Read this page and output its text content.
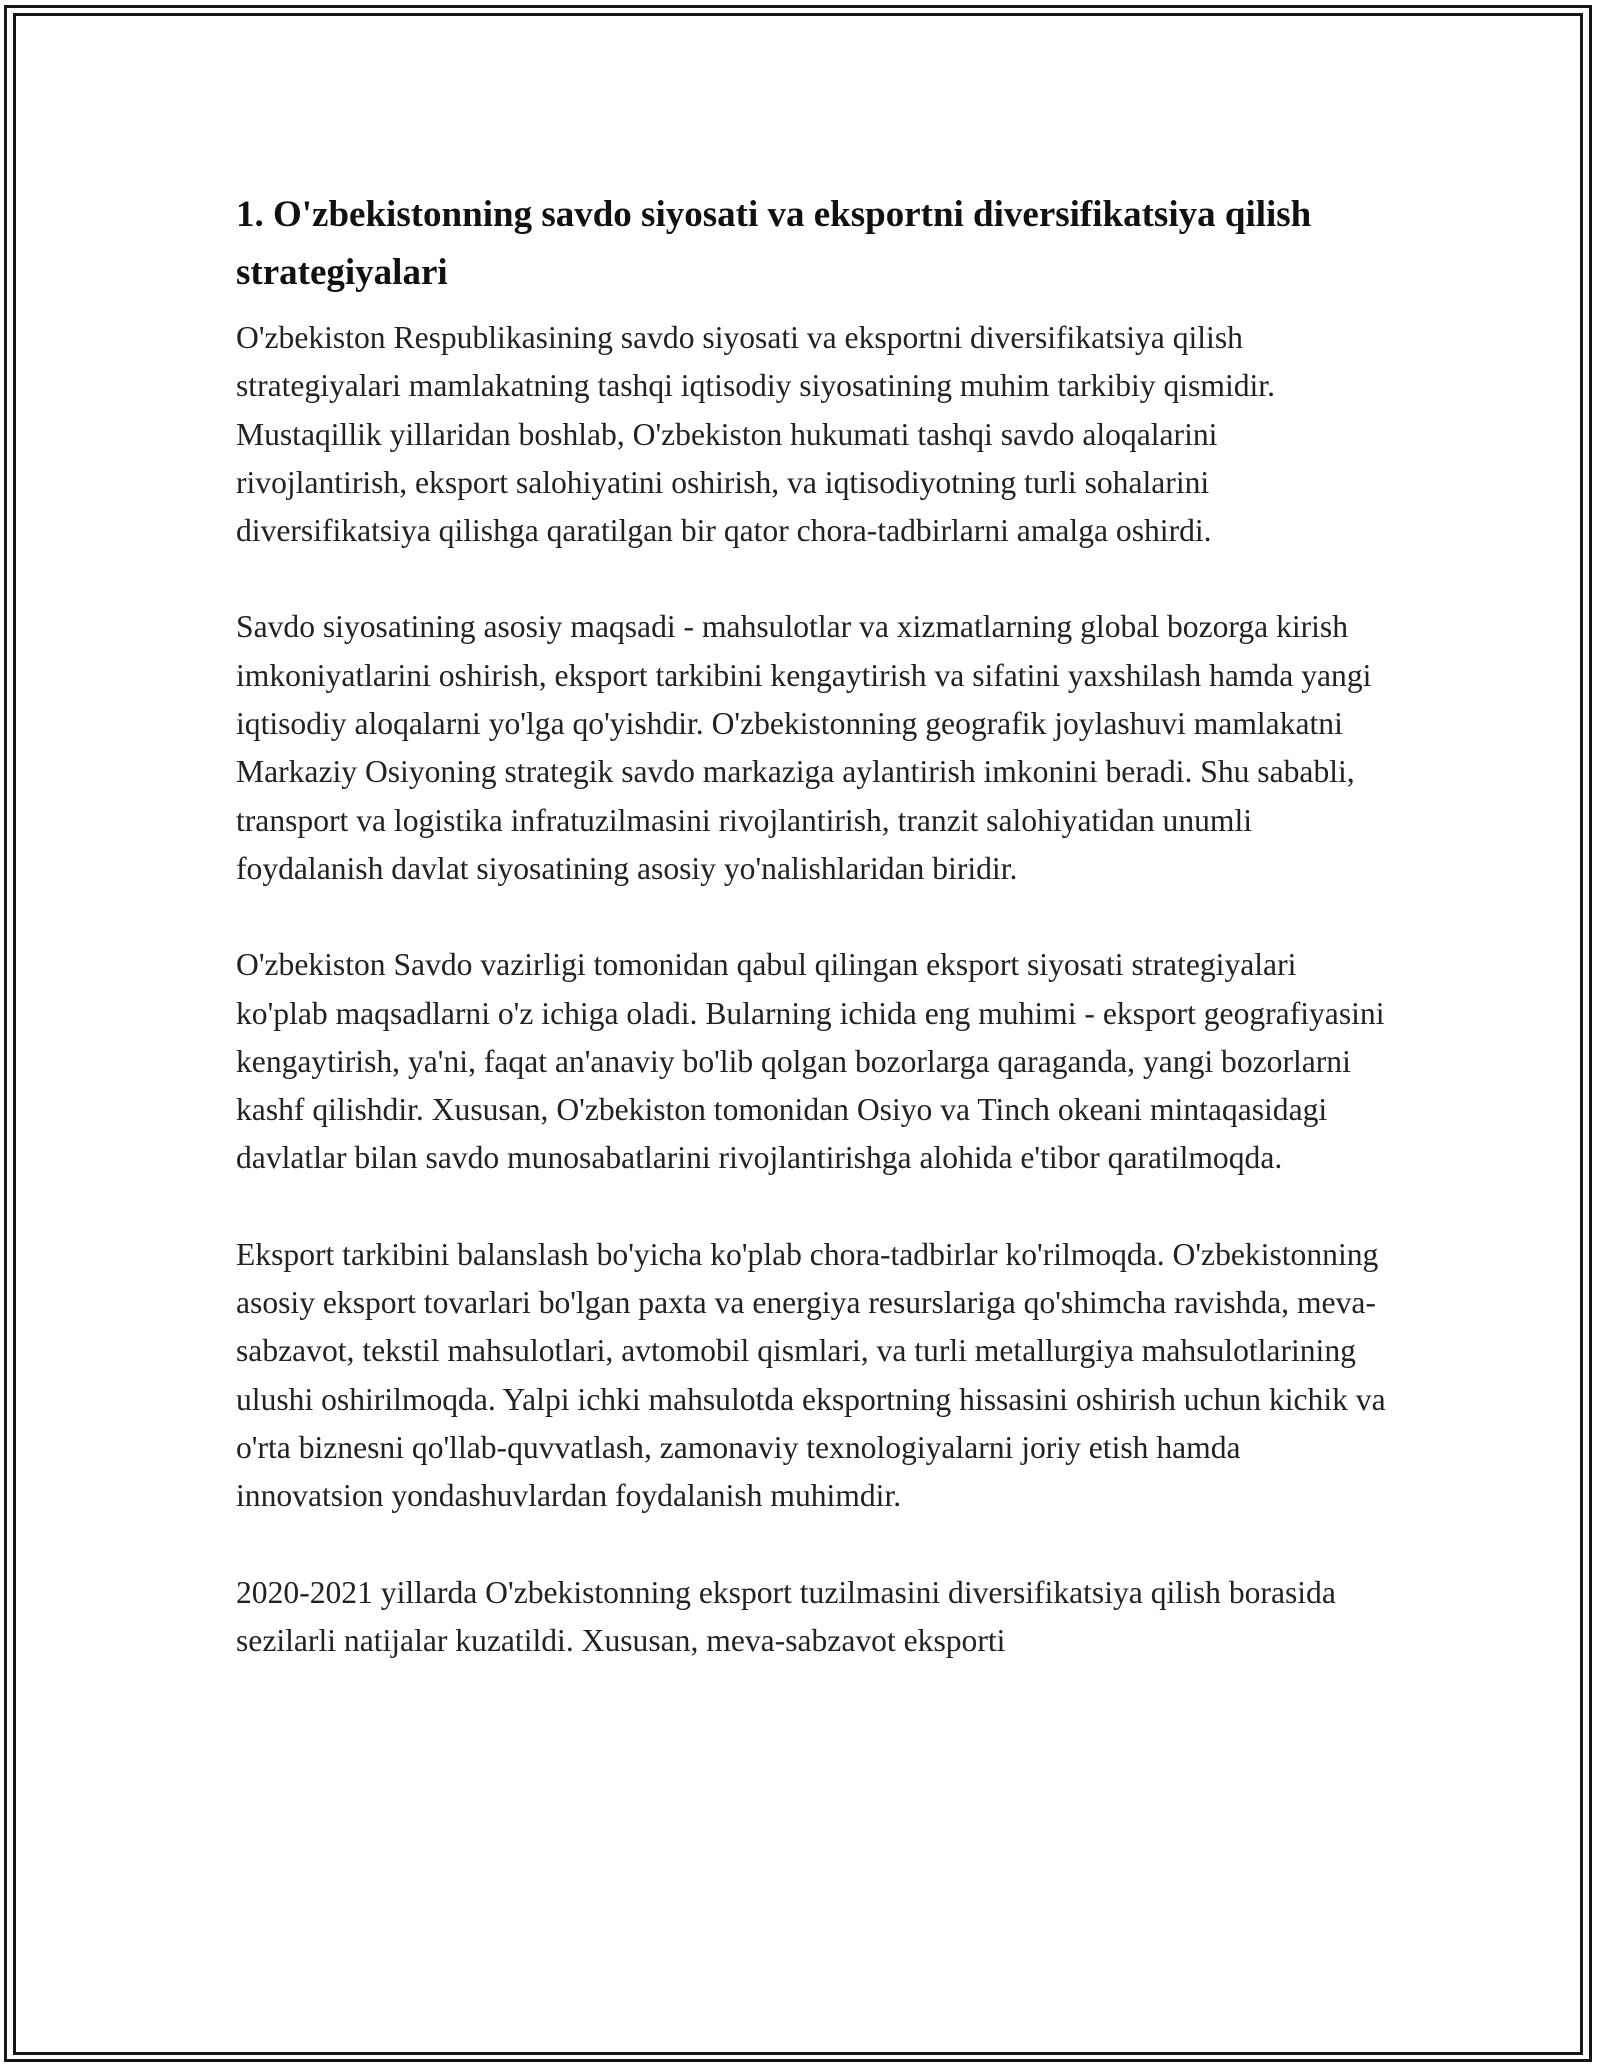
1. O'zbekistonning savdo siyosati va eksportni diversifikatsiya qilish strategiyalari

O'zbekiston Respublikasining savdo siyosati va eksportni diversifikatsiya qilish strategiyalari mamlakatning tashqi iqtisodiy siyosatining muhim tarkibiy qismidir. Mustaqillik yillaridan boshlab, O'zbekiston hukumati tashqi savdo aloqalarini rivojlantirish, eksport salohiyatini oshirish, va iqtisodiyotning turli sohalarini diversifikatsiya qilishga qaratilgan bir qator chora-tadbirlarni amalga oshirdi.

Savdo siyosatining asosiy maqsadi - mahsulotlar va xizmatlarning global bozorga kirish imkoniyatlarini oshirish, eksport tarkibini kengaytirish va sifatini yaxshilash hamda yangi iqtisodiy aloqalarni yo'lga qo'yishdir. O'zbekistonning geografik joylashuvi mamlakatni Markaziy Osiyoning strategik savdo markaziga aylantirish imkonini beradi. Shu sababli, transport va logistika infratuzilmasini rivojlantirish, tranzit salohiyatidan unumli foydalanish davlat siyosatining asosiy yo'nalishlaridan biridir.

O'zbekiston Savdo vazirligi tomonidan qabul qilingan eksport siyosati strategiyalari ko'plab maqsadlarni o'z ichiga oladi. Bularning ichida eng muhimi - eksport geografiyasini kengaytirish, ya'ni, faqat an'anaviy bo'lib qolgan bozorlarga qaraganda, yangi bozorlarni kashf qilishdir. Xususan, O'zbekiston tomonidan Osiyo va Tinch okeani mintaqasidagi davlatlar bilan savdo munosabatlarini rivojlantirishga alohida e'tibor qaratilmoqda.

Eksport tarkibini balanslash bo'yicha ko'plab chora-tadbirlar ko'rilmoqda. O'zbekistonning asosiy eksport tovarlari bo'lgan paxta va energiya resurslariga qo'shimcha ravishda, meva-sabzavot, tekstil mahsulotlari, avtomobil qismlari, va turli metallurgiya mahsulotlarining ulushi oshirilmoqda. Yalpi ichki mahsulotda eksportning hissasini oshirish uchun kichik va o'rta biznesni qo'llab-quvvatlash, zamonaviy texnologiyalarni joriy etish hamda innovatsion yondashuvlardan foydalanish muhimdir.

2020-2021 yillarda O'zbekistonning eksport tuzilmasini diversifikatsiya qilish borasida sezilarli natijalar kuzatildi. Xususan, meva-sabzavot eksporti
